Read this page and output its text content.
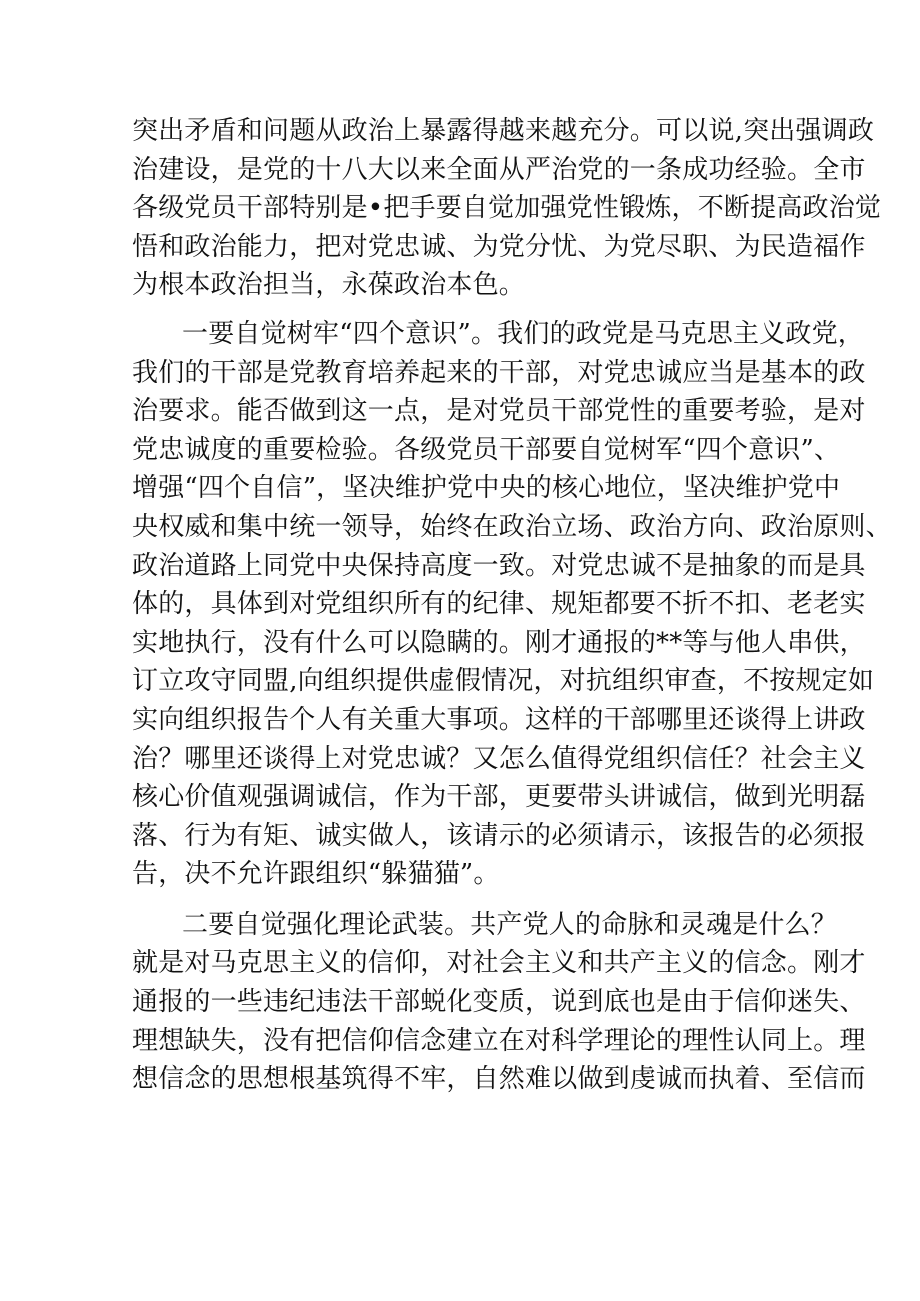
突出矛盾和问题从政治上暴露得越来越充分。可以说,突出强调政
治建设，是党的十八大以来全面从严治党的一条成功经验。全市
各级党员干部特别是•把手要自觉加强党性锻炼，不断提高政治觉
悟和政治能力，把对党忠诚、为党分忧、为党尽职、为民造福作
为根本政治担当，永葆政治本色。
一要自觉树牢“四个意识”。我们的政党是马克思主义政党，
我们的干部是党教育培养起来的干部，对党忠诚应当是基本的政
治要求。能否做到这一点，是对党员干部党性的重要考验，是对
党忠诚度的重要检验。各级党员干部要自觉树军“四个意识”、
增强“四个自信”，坚决维护党中央的核心地位，坚决维护党中
央权威和集中统一领导，始终在政治立场、政治方向、政治原则、
政治道路上同党中央保持高度一致。对党忠诚不是抽象的而是具
体的，具体到对党组织所有的纪律、规矩都要不折不扣、老老实
实地执行，没有什么可以隐瞒的。刚才通报的**等与他人串供，
订立攻守同盟,向组织提供虚假情况，对抗组织审查，不按规定如
实向组织报告个人有关重大事项。这样的干部哪里还谈得上讲政
治？哪里还谈得上对党忠诚？又怎么值得党组织信任？社会主义
核心价值观强调诚信，作为干部，更要带头讲诚信，做到光明磊
落、行为有矩、诚实做人，该请示的必须请示，该报告的必须报
告，决不允许跟组织“躲猫猫”。
二要自觉强化理论武装。共产党人的命脉和灵魂是什么？
就是对马克思主义的信仰，对社会主义和共产主义的信念。刚才
通报的一些违纪违法干部蜕化变质，说到底也是由于信仰迷失、
理想缺失，没有把信仰信念建立在对科学理论的理性认同上。理
想信念的思想根基筑得不牢，自然难以做到虔诚而执着、至信而
